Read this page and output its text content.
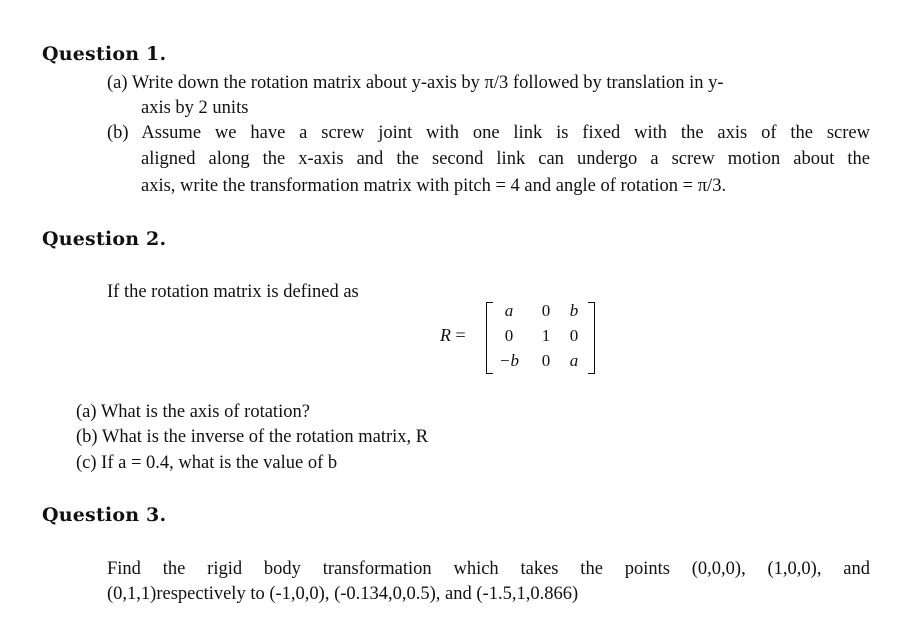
Question 1.
(a) Write down the rotation matrix about y-axis by π/3 followed by translation in y-
axis by 2 units
(b) Assume we have a screw joint with one link is fixed with the axis of the screw
aligned along the x-axis and the second link can undergo a screw motion about the
axis, write the transformation matrix with pitch = 4 and angle of rotation = π/3.
Question 2.
If the rotation matrix is defined as
R =
a	0	b
0	1	0
−b	0	a
(a) What is the axis of rotation?
(b) What is the inverse of the rotation matrix, R
(c) If a = 0.4, what is the value of b
Question 3.
Find the rigid body transformation which takes the points (0,0,0), (1,0,0), and
(0,1,1)respectively to (-1,0,0), (-0.134,0,0.5), and (-1.5,1,0.866)
